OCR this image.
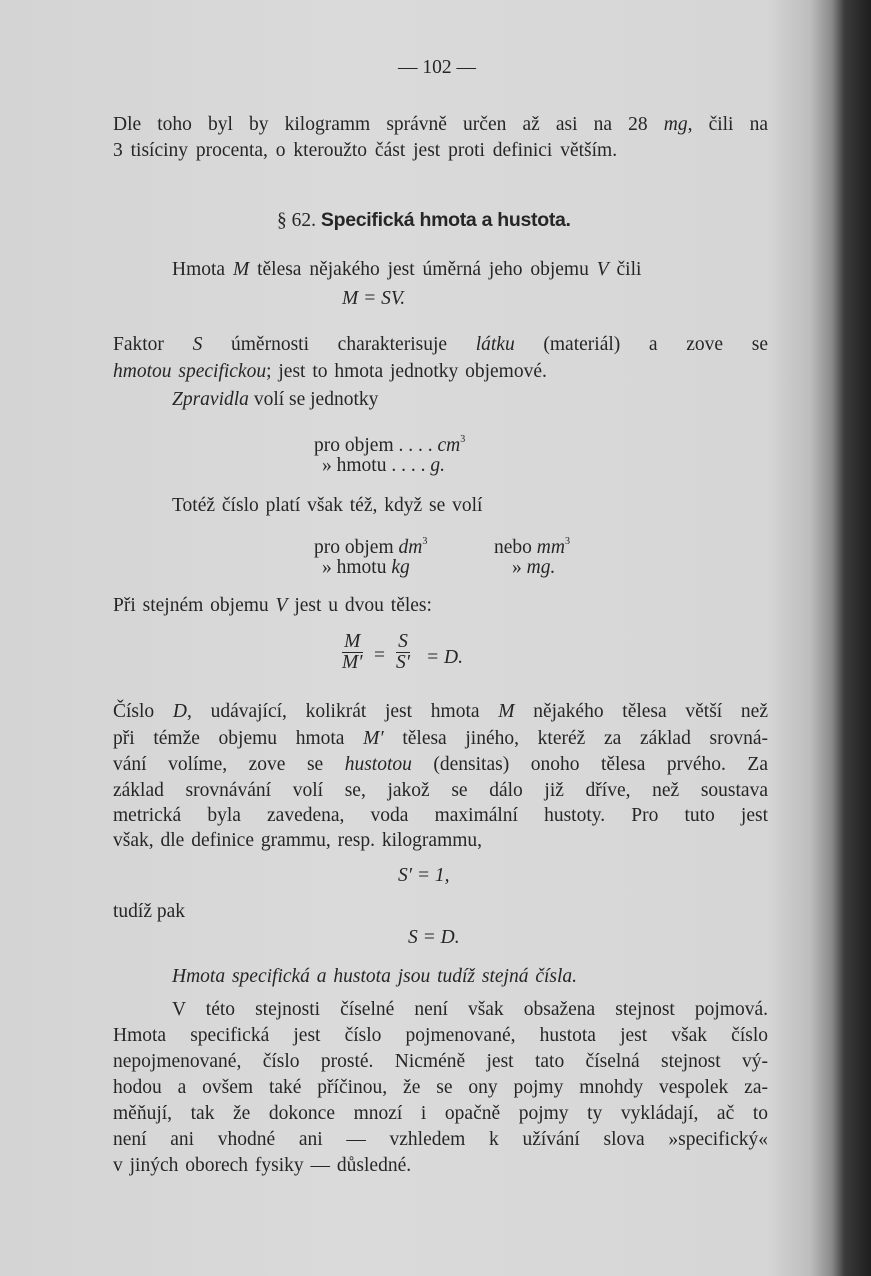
— 102 —
Dle toho byl by kilogramm správně určen až asi na 28 mg, čili na
3 tisíciny procenta, o kteroužto část jest proti definici větším.
§ 62. Specifická hmota a hustota.
Hmota M tělesa nějakého jest úměrná jeho objemu V čili
M = SV.
Faktor S úměrnosti charakterisuje látku (materiál) a zove se
hmotou specifickou; jest to hmota jednotky objemové.
Zpravidla volí se jednotky
pro objem . . . . $cm^3$
» hmotu . . . . g.
Totéž číslo platí však též, když se volí
pro objem $dm^3$	nebo $mm^3$
» hmotu kg	» mg.
Při stejném objemu V jest u dvou těles:
M
M′ =
S
S′ = D.
Číslo D, udávající, kolikrát jest hmota M nějakého tělesa větší než
při témže objemu hmota M′ tělesa jiného, kteréž za základ srovná-
vání volíme, zove se hustotou (densitas) onoho tělesa prvého. Za
základ srovnávání volí se, jakož se dálo již dříve, než soustava
metrická byla zavedena, voda maximální hustoty. Pro tuto jest
však, dle definice grammu, resp. kilogrammu,
S′ = 1,
tudíž pak
S = D.
Hmota specifická a hustota jsou tudíž stejná čísla.
V této stejnosti číselné není však obsažena stejnost pojmová.
Hmota specifická jest číslo pojmenované, hustota jest však číslo
nepojmenované, číslo prosté. Nicméně jest tato číselná stejnost vý-
hodou a ovšem také příčinou, že se ony pojmy mnohdy vespolek za-
měňují, tak že dokonce mnozí i opačně pojmy ty vykládají, ač to
není ani vhodné ani — vzhledem k užívání slova »specifický«
v jiných oborech fysiky — důsledné.
